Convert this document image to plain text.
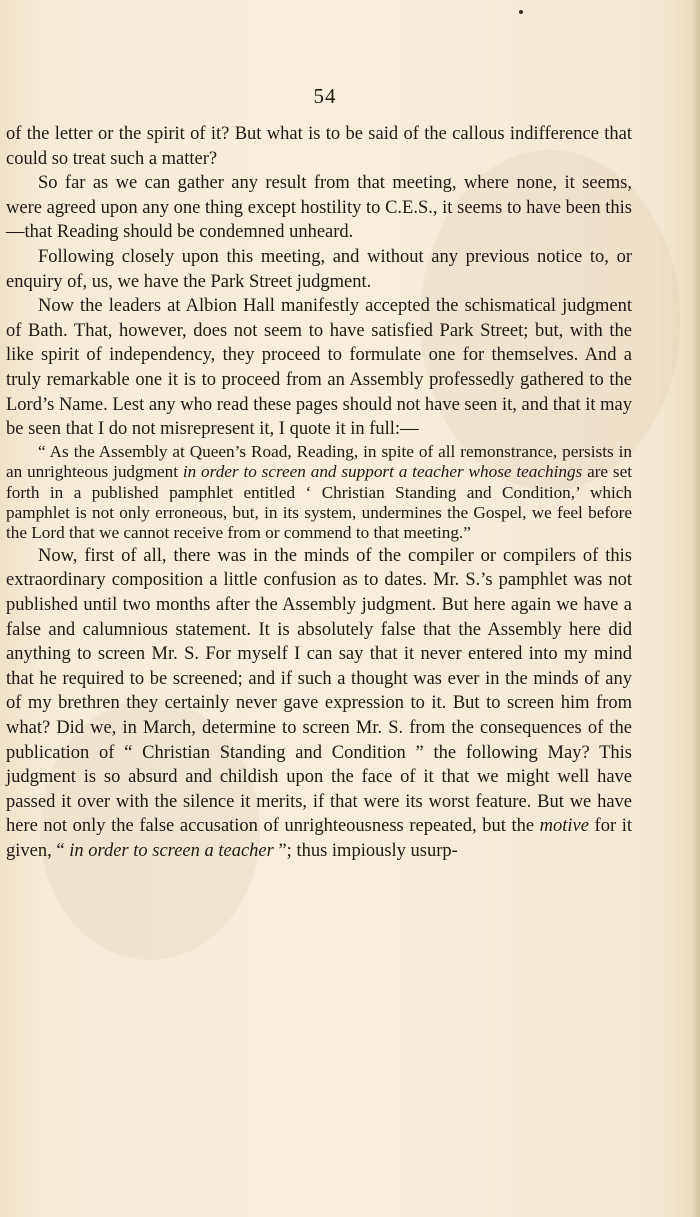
54

of the letter or the spirit of it? But what is to be said of the callous indifference that could so treat such a matter?

So far as we can gather any result from that meeting, where none, it seems, were agreed upon any one thing except hostility to C.E.S., it seems to have been this—that Reading should be condemned unheard.

Following closely upon this meeting, and without any previous notice to, or enquiry of, us, we have the Park Street judgment.

Now the leaders at Albion Hall manifestly accepted the schismatical judgment of Bath. That, however, does not seem to have satisfied Park Street; but, with the like spirit of independency, they proceed to formulate one for themselves. And a truly remarkable one it is to proceed from an Assembly professedly gathered to the Lord’s Name. Lest any who read these pages should not have seen it, and that it may be seen that I do not misrepresent it, I quote it in full:—

“ As the Assembly at Queen’s Road, Reading, in spite of all remonstrance, persists in an unrighteous judgment in order to screen and support a teacher whose teachings are set forth in a published pamphlet entitled ‘ Christian Standing and Condition,’ which pamphlet is not only erroneous, but, in its system, undermines the Gospel, we feel before the Lord that we cannot receive from or commend to that meeting.”

Now, first of all, there was in the minds of the compiler or compilers of this extraordinary composition a little confusion as to dates. Mr. S.’s pamphlet was not published until two months after the Assembly judgment. But here again we have a false and calumnious statement. It is absolutely false that the Assembly here did anything to screen Mr. S. For myself I can say that it never entered into my mind that he required to be screened; and if such a thought was ever in the minds of any of my brethren they certainly never gave expression to it. But to screen him from what? Did we, in March, determine to screen Mr. S. from the consequences of the publication of “ Christian Standing and Condition ” the following May? This judgment is so absurd and childish upon the face of it that we might well have passed it over with the silence it merits, if that were its worst feature. But we have here not only the false accusation of unrighteousness repeated, but the motive for it given, “ in order to screen a teacher ”; thus impiously usurp-
